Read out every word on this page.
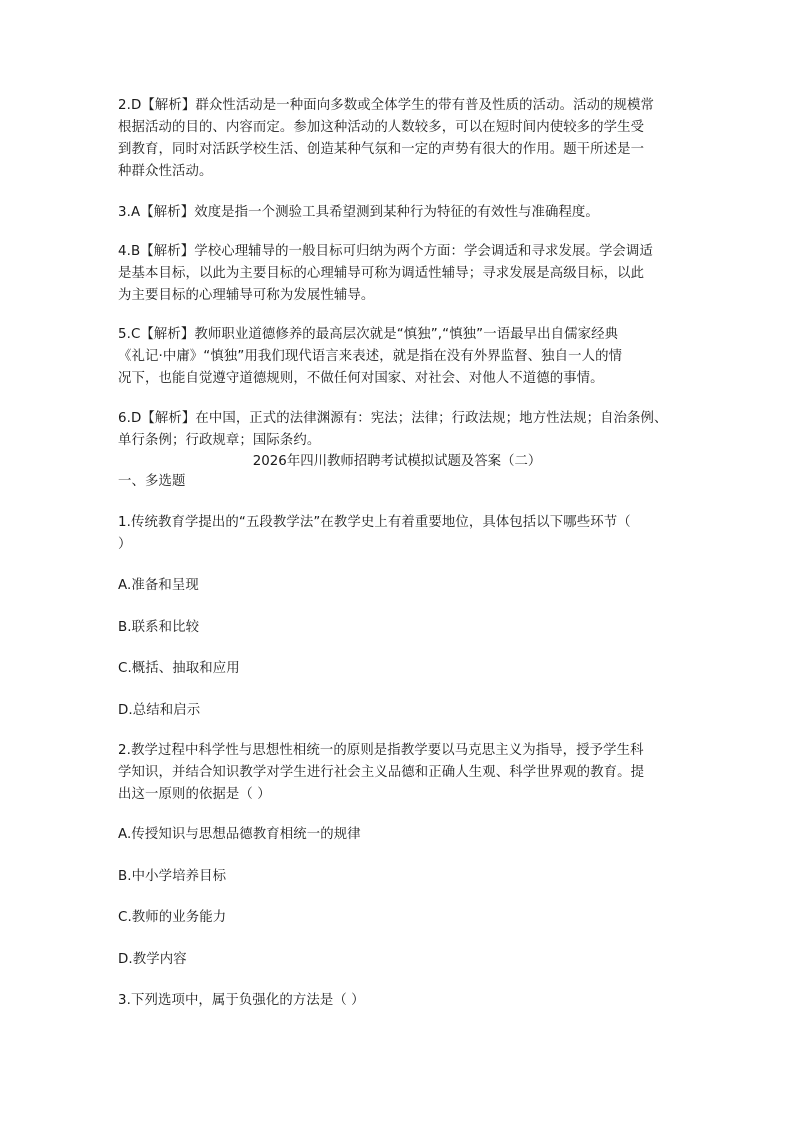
2.D【解析】群众性活动是一种面向多数或全体学生的带有普及性质的活动。活动的规模常

根据活动的目的、内容而定。参加这种活动的人数较多，可以在短时间内使较多的学生受

到教育，同时对活跃学校生活、创造某种气氛和一定的声势有很大的作用。题干所述是一

种群众性活动。

3.A【解析】效度是指一个测验工具希望测到某种行为特征的有效性与准确程度。

4.B【解析】学校心理辅导的一般目标可归纳为两个方面：学会调适和寻求发展。学会调适

是基本目标，以此为主要目标的心理辅导可称为调适性辅导；寻求发展是高级目标，以此

为主要目标的心理辅导可称为发展性辅导。

5.C【解析】教师职业道德修养的最高层次就是“慎独”,“慎独”一语最早出自儒家经典

《礼记·中庸》“慎独”用我们现代语言来表述，就是指在没有外界监督、独自一人的情

况下，也能自觉遵守道德规则，不做任何对国家、对社会、对他人不道德的事情。

6.D【解析】在中国，正式的法律渊源有：宪法；法律；行政法规；地方性法规；自治条例、

单行条例；行政规章；国际条约。

2026年四川教师招聘考试模拟试题及答案（二）

一、多选题

1.传统教育学提出的“五段教学法”在教学史上有着重要地位，具体包括以下哪些环节（

）

A.准备和呈现

B.联系和比较

C.概括、抽取和应用

D.总结和启示

2.教学过程中科学性与思想性相统一的原则是指教学要以马克思主义为指导，授予学生科

学知识，并结合知识教学对学生进行社会主义品德和正确人生观、科学世界观的教育。提

出这一原则的依据是（ ）

A.传授知识与思想品德教育相统一的规律

B.中小学培养目标

C.教师的业务能力

D.教学内容

3.下列选项中，属于负强化的方法是（ ）
